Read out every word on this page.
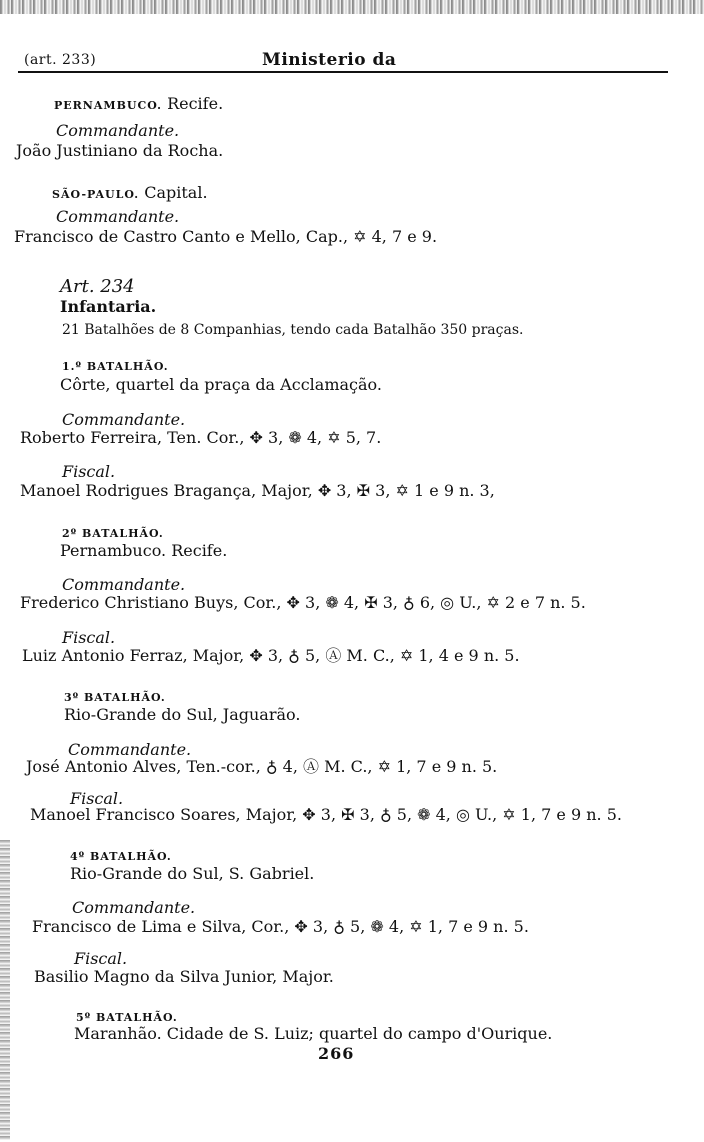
(art. 233)	Ministerio da
PERNAMBUCO. Recife.
Commandante.
João Justiniano da Rocha.
SÃO-PAULO. Capital.
Commandante.
Francisco de Castro Canto e Mello, Cap., ✡ 4, 7 e 9.
Art. 234
Infantaria.
21 Batalhões de 8 Companhias, tendo cada Batalhão 350 praças.
1.º BATALHÃO.
Côrte, quartel da praça da Acclamação.
Commandante.
Roberto Ferreira, Ten. Cor., ✥ 3, ❁ 4, ✡ 5, 7.
Fiscal.
Manoel Rodrigues Bragança, Major, ✥ 3, ✠ 3, ✡ 1 e 9 n. 3,
2º BATALHÃO.
Pernambuco. Recife.
Commandante.
Frederico Christiano Buys, Cor., ✥ 3, ❁ 4, ✠ 3, ♁ 6, ◎ U., ✡ 2 e 7 n. 5.
Fiscal.
Luiz Antonio Ferraz, Major, ✥ 3, ♁ 5, Ⓐ M. C., ✡ 1, 4 e 9 n. 5.
3º BATALHÃO.
Rio-Grande do Sul, Jaguarão.
Commandante.
José Antonio Alves, Ten.-cor., ♁ 4, Ⓐ M. C., ✡ 1, 7 e 9 n. 5.
Fiscal.
Manoel Francisco Soares, Major, ✥ 3, ✠ 3, ♁ 5, ❁ 4, ◎ U., ✡ 1, 7 e 9 n. 5.
4º BATALHÃO.
Rio-Grande do Sul, S. Gabriel.
Commandante.
Francisco de Lima e Silva, Cor., ✥ 3, ♁ 5, ❁ 4, ✡ 1, 7 e 9 n. 5.
Fiscal.
Basilio Magno da Silva Junior, Major.
5º BATALHÃO.
Maranhão. Cidade de S. Luiz; quartel do campo d'Ourique.
266
